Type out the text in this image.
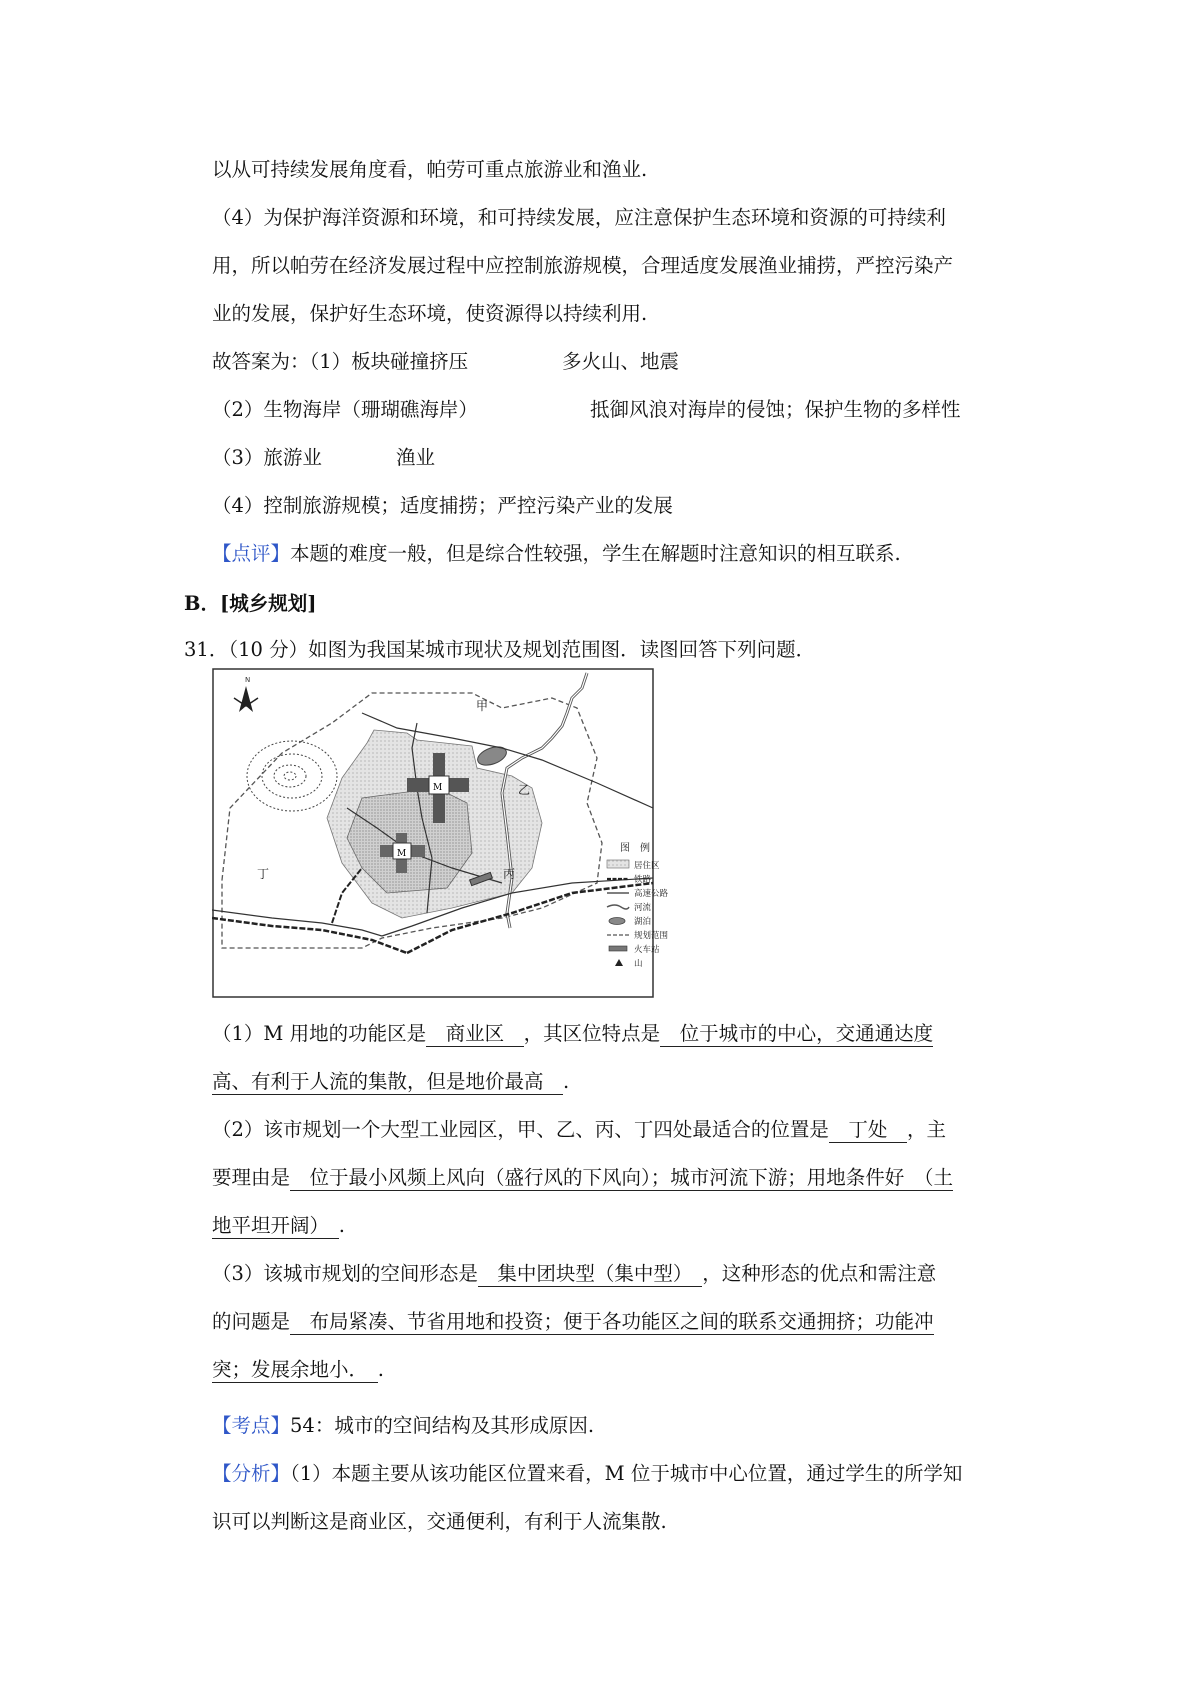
以从可持续发展角度看，帕劳可重点旅游业和渔业.
（4）为保护海洋资源和环境，和可持续发展，应注意保护生态环境和资源的可持续利
用，所以帕劳在经济发展过程中应控制旅游规模，合理适度发展渔业捕捞，严控污染产
业的发展，保护好生态环境，使资源得以持续利用.
故答案为：（1）板块碰撞挤压	多火山、地震
（2）生物海岸（珊瑚礁海岸）	抵御风浪对海岸的侵蚀；保护生物的多样性
（3）旅游业	渔业
（4）控制旅游规模；适度捕捞；严控污染产业的发展
【点评】本题的难度一般，但是综合性较强，学生在解题时注意知识的相互联系.
B．[城乡规划]
31．（10 分）如图为我国某城市现状及规划范围图．读图回答下列问题．
N
甲
乙
丙
丁
M
M	图　例
居住区
铁路
高速公路
河流
湖泊
规划范围
火车站
山
（1）M 用地的功能区是　商业区　，其区位特点是　位于城市的中心，交通通达度
高、有利于人流的集散，但是地价最高　.
（2）该市规划一个大型工业园区，甲、乙、丙、丁四处最适合的位置是　丁处　，主
要理由是　位于最小风频上风向（盛行风的下风向）；城市河流下游；用地条件好　（土
地平坦开阔）　.
（3）该城市规划的空间形态是　集中团块型（集中型）　，这种形态的优点和需注意
的问题是　布局紧凑、节省用地和投资；便于各功能区之间的联系交通拥挤；功能冲
突；发展余地小．　.
【考点】54：城市的空间结构及其形成原因.
【分析】（1）本题主要从该功能区位置来看，M 位于城市中心位置，通过学生的所学知
识可以判断这是商业区，交通便利，有利于人流集散.
